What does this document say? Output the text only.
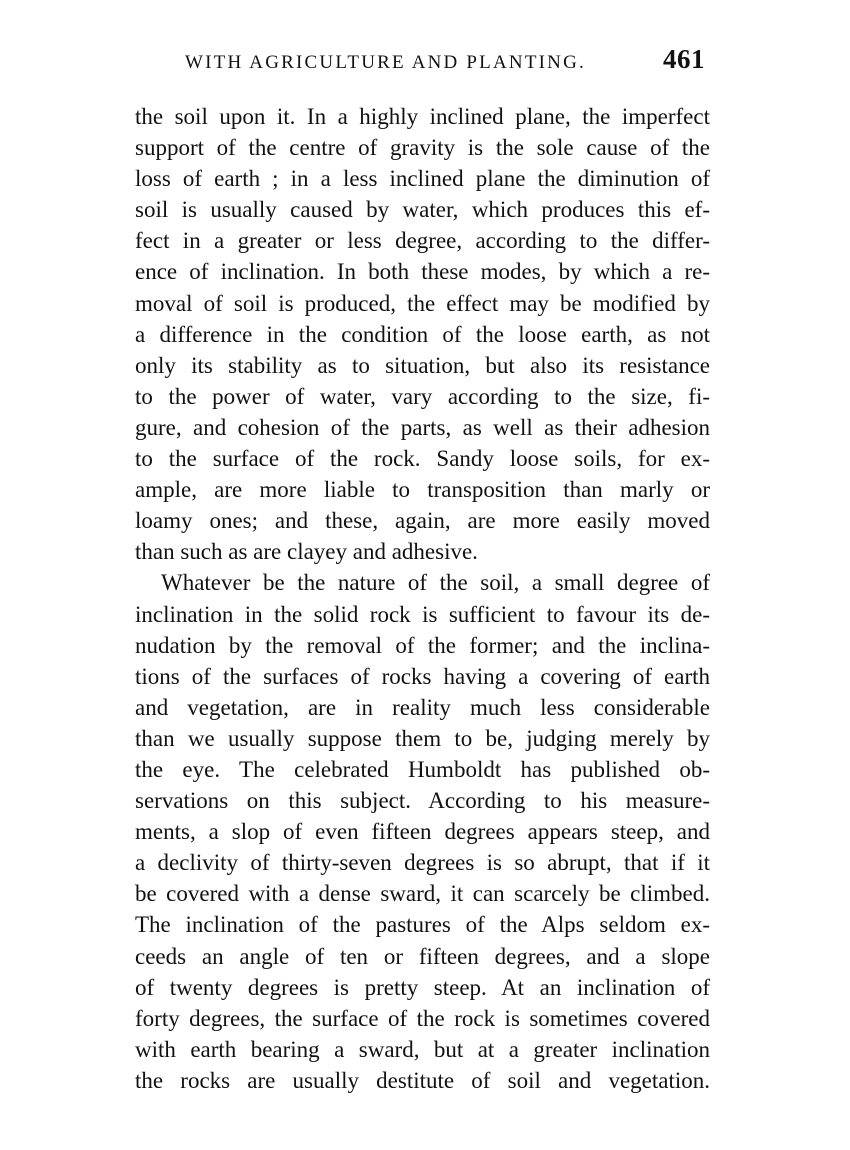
WITH AGRICULTURE AND PLANTING.	461
the soil upon it. In a highly inclined plane, the imperfect
support of the centre of gravity is the sole cause of the
loss of earth ; in a less inclined plane the diminution of
soil is usually caused by water, which produces this ef-
fect in a greater or less degree, according to the differ-
ence of inclination. In both these modes, by which a re-
moval of soil is produced, the effect may be modified by
a difference in the condition of the loose earth, as not
only its stability as to situation, but also its resistance
to the power of water, vary according to the size, fi-
gure, and cohesion of the parts, as well as their adhesion
to the surface of the rock. Sandy loose soils, for ex-
ample, are more liable to transposition than marly or
loamy ones; and these, again, are more easily moved
than such as are clayey and adhesive.
Whatever be the nature of the soil, a small degree of
inclination in the solid rock is sufficient to favour its de-
nudation by the removal of the former; and the inclina-
tions of the surfaces of rocks having a covering of earth
and vegetation, are in reality much less considerable
than we usually suppose them to be, judging merely by
the eye. The celebrated Humboldt has published ob-
servations on this subject. According to his measure-
ments, a slop of even fifteen degrees appears steep, and
a declivity of thirty-seven degrees is so abrupt, that if it
be covered with a dense sward, it can scarcely be climbed.
The inclination of the pastures of the Alps seldom ex-
ceeds an angle of ten or fifteen degrees, and a slope
of twenty degrees is pretty steep. At an inclination of
forty degrees, the surface of the rock is sometimes covered
with earth bearing a sward, but at a greater inclination
the rocks are usually destitute of soil and vegetation.
